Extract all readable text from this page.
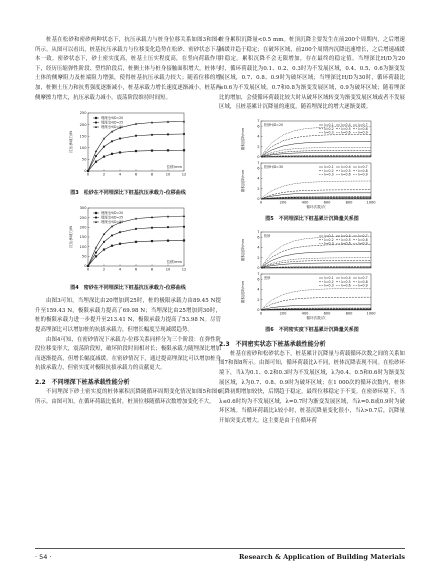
桩基在松砂和密砂两种状态下，抗压承载力与桩身位移关系如图3和图4所示。从图可以看出，桩基抗压承载力与位移变化趋势在松砂、密砂状态下基本一致。密砂状态下，砂土密实度高，桩基土压实程度高，在竖向荷载作用下，经历压缩弹性阶段、塑性阶段后，桩侧土体与桩身接触面积增大，桩体与土体的侧摩阻力及桩端阻力增强，使得桩基抗压承载力较大；随着位移的增加，桩侧土压力和抗剪强度逐渐减小，桩基承载力增长速度逐渐减小，桩基两侧摩擦力增大，抗压承载力减小，震荡阶段维持时间短。

0
50
100
150
200
250
0	2	4	6	8	10	12
位移/mm
抗压承载力/N
埋深比H/D=20
埋深比H/D=25
埋深比H/D=30
图3　松砂在不同埋深比下桩基抗压承载力-位移曲线
0
50
100
150
200
250
300
0	2	4	6	8	10	12
位移/mm
抗压承载力/N
埋深比H/D=20
埋深比H/D=25
埋深比H/D=30
图4　密砂在不同埋深比下桩基抗压承载力-位移曲线

由图3可知，当埋深比由20增加到25时，桩的极限承载力由89.45 N提升至159.43 N，极限承载力提高了69.98 N；当埋深比由25增加到30时，桩的极限承载力进一步提升至213.41 N，极限承载力提高了53.98 N。尽管提高埋深比可以增加桩的抗拔承载力，但增长幅度呈现减缓趋势。

由图4可知，在密砂情况下承载力-位移关系同样分为三个阶段：在弹性阶段位移变形大，震荡阶段短，破坏阶段时间相对长；极限承载力随埋深比增加而逐渐提高，但增长幅度减缓。在密砂情况下，通过提高埋深比可以增加桩身抗拔承载力，但密实度对极限抗拔承载力的贡献更大。

2.2　不同埋深下桩基承载性能分析

不同埋深下砂土密实度的桩体累积沉降随循环周期变化情况如图5和图6所示。由图可知，在循环荷载比低时，桩顶位移随循环次数增加变化不大，

桩身累积沉降量<0.5 mm。桩顶沉降主要发生在前200个周期内，之后增速减缓并趋于稳定；在破坏区域，前200个周期内沉降迅速增长，之后增速减缓并稳定。累积沉降不会无限增加，存在最终的稳定值。当埋深比H/D为20时，循环荷载比为0.1、0.2、0.3时为不发展区域，0.4、0.5、0.6为渐变发展区域，0.7、0.8、0.9时为破坏区域；当埋深比H/D为30时，循环荷载比≤0.6为不发展区域，0.7和0.8为渐变发展区域，0.9为破坏区域；随着埋深比的增加，会使循环荷载比较大时从破坏区域转变为渐变发展区域或者不发展区域，且桩基累计沉降量的速度，随着埋深比的增大逐渐变缓。

0
2
4
6
7
累积沉降/mm
松砂H/D=20	λ=0.1
λ=0.2
λ=0.3
λ=0.4
λ=0.5
λ=0.6
λ=0.7
λ=0.8
λ=0.9
0
2
4
6
7
0	200	400	600	800	1000
累积沉降/mm
松砂H/D=30	λ=0.1
λ=0.2
λ=0.3
λ=0.4
λ=0.5
λ=0.6
λ=0.7
λ=0.8
λ=0.9
循环次数/次
图5　不同埋深比下桩基累计沉降量关系图
0
2
4
6
7
累积沉降/mm
松砂	λ=0.1
λ=0.2
λ=0.3
λ=0.4
λ=0.5
λ=0.6
λ=0.7
λ=0.8
λ=0.9
0
2
4
6
7
0	200	400	600	800	1000
累积沉降/mm
密砂	λ=0.1
λ=0.2
λ=0.3
λ=0.4
λ=0.5
λ=0.6
λ=0.7
λ=0.8
λ=0.9
循环次数/次
图6　不同密实度下桩基累计沉降量关系图
2.3　不同密实状态下桩基承载性能分析

桩基在密砂和松砂状态下，桩基累计沉降量与荷载循环次数之间的关系如图7和图8所示。由图可知，循环荷载比λ不同，桩体沉降表现不同。在松砂环境下，当λ为0.1、0.2和0.3时为不发展区域，λ为0.4、0.5和0.6时为渐变发展区域，λ为0.7、0.8、0.9时为破坏区域；在1 000次的循环次数内，桩体沉降初期增加较快，后期趋于稳定，最终位移稳定于不变。在密砂环境下，当λ≤0.6时均为不发展区域，λ=0.7时为渐变发展区域，当λ=0.8或0.9时为破坏区域。当循环荷载比λ较小时，桩基沉降量变化很小，当λ>0.7后，沉降量开始突变式增大。这主要是由于在循环荷

· 54 ·	Research & Application of Building Materials
